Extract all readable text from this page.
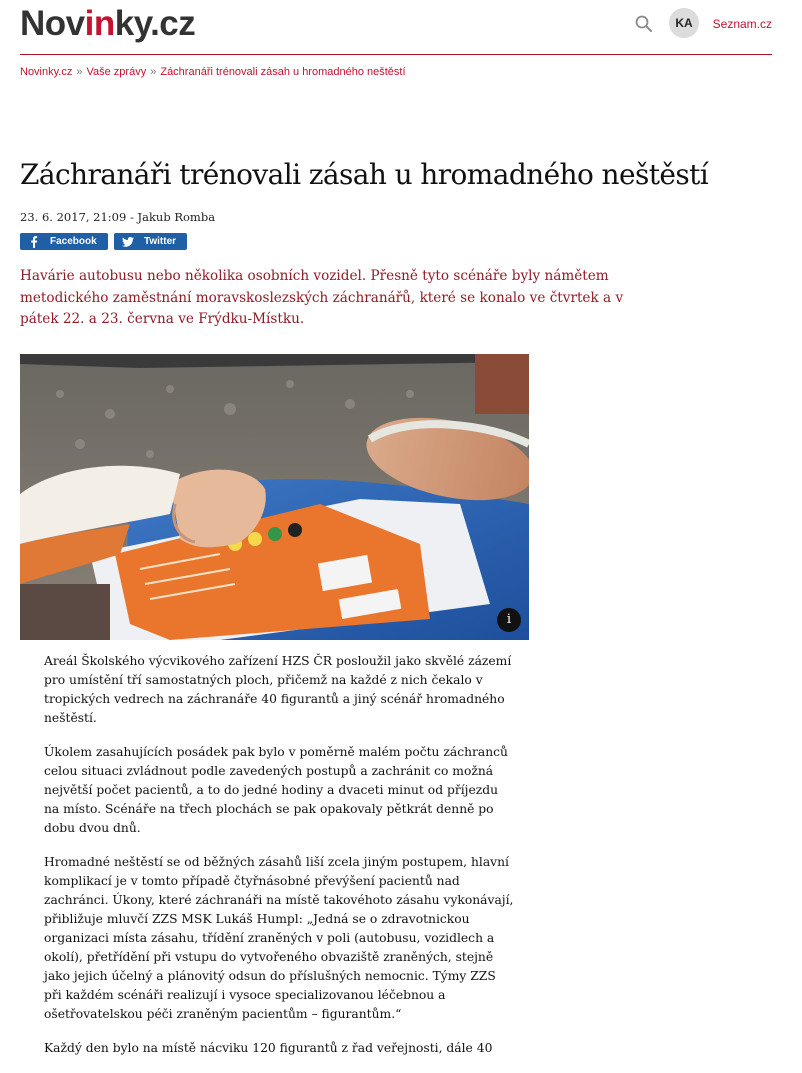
Novinky.cz	KA	Seznam.cz
Novinky.cz » Vaše zprávy » Záchranáři trénovali zásah u hromadného neštěstí
Záchranáři trénovali zásah u hromadného neštěstí
23. 6. 2017, 21:09 - Jakub Romba
Facebook	Twitter

Havárie autobusu nebo několika osobních vozidel. Přesně tyto scénáře byly námětem metodického zaměstnání moravskoslezských záchranářů, které se konalo ve čtvrtek a v pátek 22. a 23. června ve Frýdku-Místku.

i

Areál Školského výcvikového zařízení HZS ČR posloužil jako skvělé zázemí pro umístění tří samostatných ploch, přičemž na každé z nich čekalo v tropických vedrech na záchranáře 40 figurantů a jiný scénář hromadného neštěstí.

Úkolem zasahujících posádek pak bylo v poměrně malém počtu záchranců celou situaci zvládnout podle zavedených postupů a zachránit co možná největší počet pacientů, a to do jedné hodiny a dvaceti minut od příjezdu na místo. Scénáře na třech plochách se pak opakovaly pětkrát denně po dobu dvou dnů.

Hromadné neštěstí se od běžných zásahů liší zcela jiným postupem, hlavní komplikací je v tomto případě čtyřnásobné převýšení pacientů nad zachránci. Úkony, které záchranáři na místě takovéhoto zásahu vykonávají, přibližuje mluvčí ZZS MSK Lukáš Humpl: „Jedná se o zdravotnickou organizaci místa zásahu, třídění zraněných v poli (autobusu, vozidlech a okolí), přetřídění při vstupu do vytvořeného obvaziště zraněných, stejně jako jejich účelný a plánovitý odsun do příslušných nemocnic. Týmy ZZS při každém scénáři realizují i vysoce specializovanou léčebnou a ošetřovatelskou péči zraněným pacientům – figurantům.“

Každý den bylo na místě nácviku 120 figurantů z řad veřejnosti, dále 40
